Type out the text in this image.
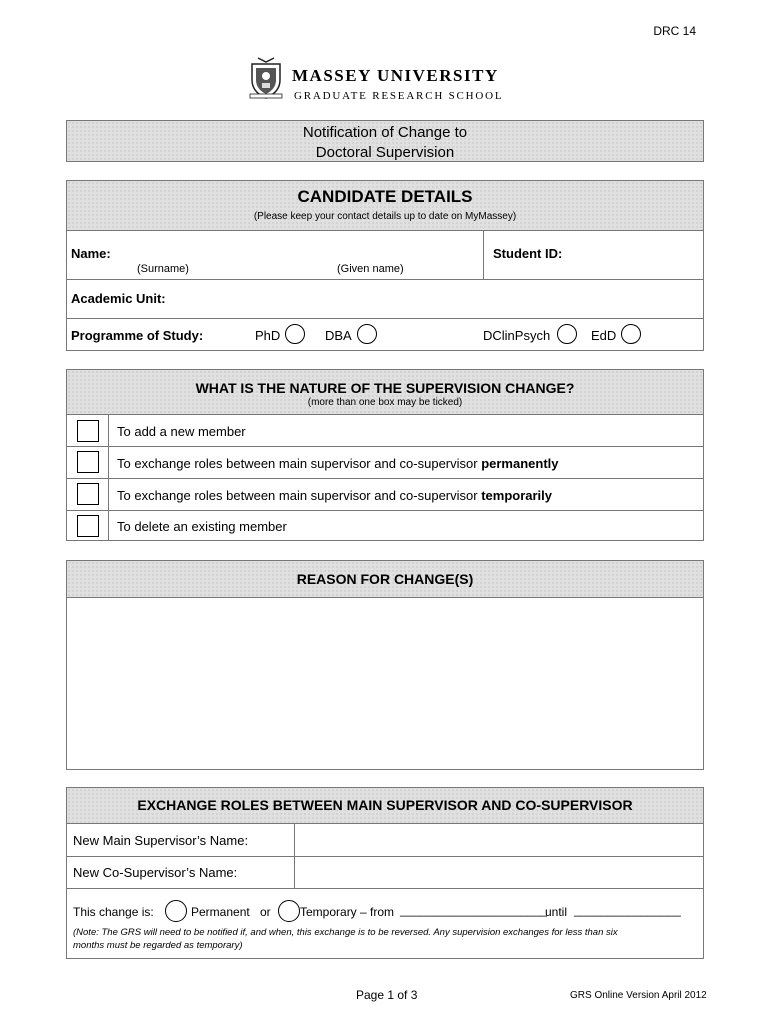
DRC 14
MASSEY UNIVERSITY
GRADUATE RESEARCH SCHOOL
Notification of Change to
Doctoral Supervision
CANDIDATE DETAILS
(Please keep your contact details up to date on MyMassey)
Name:
(Surname)	(Given name)
Student ID:
Academic Unit:
Programme of Study:	PhD	DBA	DClinPsych	EdD
WHAT IS THE NATURE OF THE SUPERVISION CHANGE?
(more than one box may be ticked)
To add a new member
To exchange roles between main supervisor and co-supervisor permanently
To exchange roles between main supervisor and co-supervisor temporarily
To delete an existing member
REASON FOR CHANGE(S)
EXCHANGE ROLES BETWEEN MAIN SUPERVISOR AND CO-SUPERVISOR
New Main Supervisor’s Name:
New Co-Supervisor’s Name:
This change is:	Permanent or Temporary – from ______________________
until ________________
(Note: The GRS will need to be notified if, and when, this exchange is to be reversed. Any supervision exchanges for less than six
months must be regarded as temporary)
Page 1 of 3	GRS Online Version April 2012
